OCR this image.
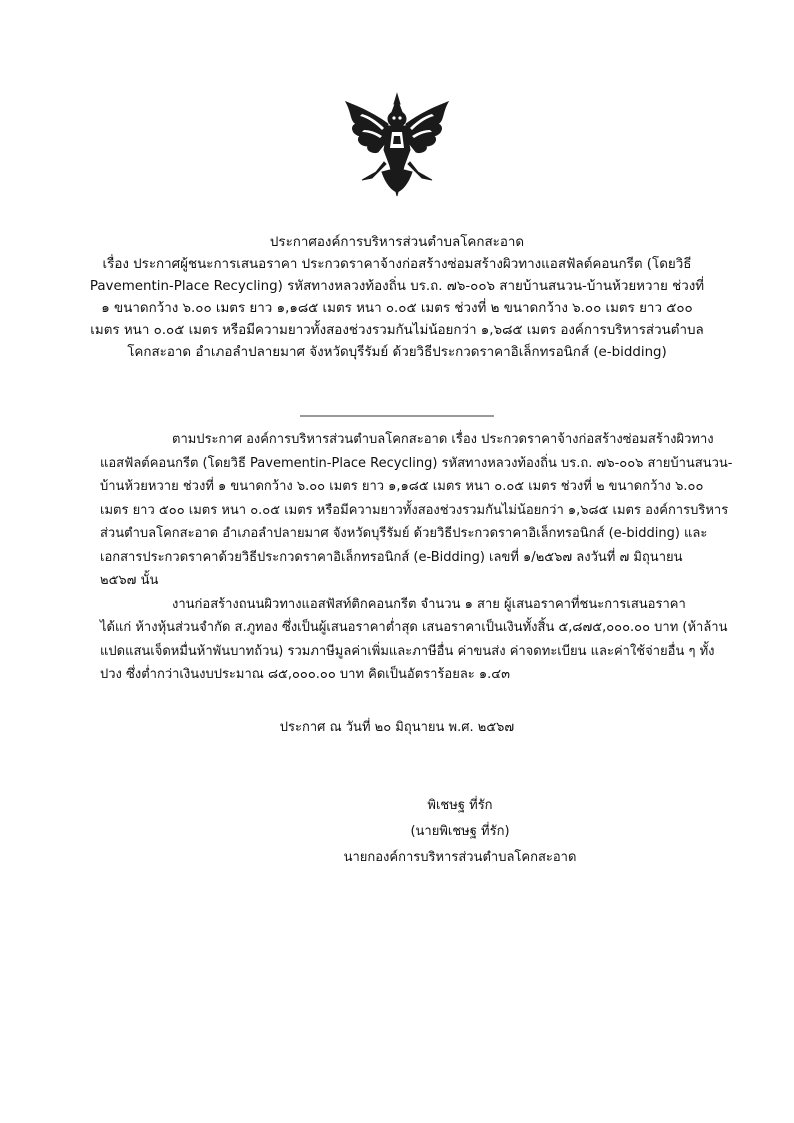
ประกาศองค์การบริหารส่วนตำบลโคกสะอาด
เรื่อง ประกาศผู้ชนะการเสนอราคา ประกวดราคาจ้างก่อสร้างซ่อมสร้างผิวทางแอสฟัลต์คอนกรีต (โดยวิธี
Pavementin-Place Recycling) รหัสทางหลวงท้องถิ่น บร.ถ. ๗๖-๐๐๖ สายบ้านสนวน-บ้านห้วยหวาย ช่วงที่
๑ ขนาดกว้าง ๖.๐๐ เมตร ยาว ๑,๑๘๕ เมตร หนา ๐.๐๕ เมตร ช่วงที่ ๒ ขนาดกว้าง ๖.๐๐ เมตร ยาว ๕๐๐
เมตร หนา ๐.๐๕ เมตร หรือมีความยาวทั้งสองช่วงรวมกันไม่น้อยกว่า ๑,๖๘๕ เมตร องค์การบริหารส่วนตำบล
โคกสะอาด อำเภอลำปลายมาศ จังหวัดบุรีรัมย์ ด้วยวิธีประกวดราคาอิเล็กทรอนิกส์ (e-bidding)
ตามประกาศ องค์การบริหารส่วนตำบลโคกสะอาด เรื่อง ประกวดราคาจ้างก่อสร้างซ่อมสร้างผิวทาง
แอสฟัลต์คอนกรีต (โดยวิธี Pavementin-Place Recycling) รหัสทางหลวงท้องถิ่น บร.ถ. ๗๖-๐๐๖ สายบ้านสนวน-
บ้านห้วยหวาย ช่วงที่ ๑ ขนาดกว้าง ๖.๐๐ เมตร ยาว ๑,๑๘๕ เมตร หนา ๐.๐๕ เมตร ช่วงที่ ๒ ขนาดกว้าง ๖.๐๐
เมตร ยาว ๕๐๐ เมตร หนา ๐.๐๕ เมตร หรือมีความยาวทั้งสองช่วงรวมกันไม่น้อยกว่า ๑,๖๘๕ เมตร องค์การบริหาร
ส่วนตำบลโคกสะอาด อำเภอลำปลายมาศ จังหวัดบุรีรัมย์ ด้วยวิธีประกวดราคาอิเล็กทรอนิกส์ (e-bidding) และ
เอกสารประกวดราคาด้วยวิธีประกวดราคาอิเล็กทรอนิกส์ (e-Bidding) เลขที่ ๑/๒๕๖๗ ลงวันที่ ๗ มิถุนายน
๒๕๖๗ นั้น
งานก่อสร้างถนนผิวทางแอสฟัสท์ติกคอนกรีต จำนวน ๑ สาย ผู้เสนอราคาที่ชนะการเสนอราคา
ได้แก่ ห้างหุ้นส่วนจำกัด ส.ภูทอง ซึ่งเป็นผู้เสนอราคาต่ำสุด เสนอราคาเป็นเงินทั้งสิ้น ๕,๘๗๕,๐๐๐.๐๐ บาท (ห้าล้าน
แปดแสนเจ็ดหมื่นห้าพันบาทถ้วน) รวมภาษีมูลค่าเพิ่มและภาษีอื่น ค่าขนส่ง ค่าจดทะเบียน และค่าใช้จ่ายอื่น ๆ ทั้ง
ปวง ซึ่งต่ำกว่าเงินงบประมาณ ๘๕,๐๐๐.๐๐ บาท คิดเป็นอัตราร้อยละ ๑.๔๓
ประกาศ ณ วันที่ ๒๐ มิถุนายน พ.ศ. ๒๕๖๗
พิเชษฐ ที่รัก
(นายพิเชษฐ ที่รัก)
นายกองค์การบริหารส่วนตำบลโคกสะอาด
